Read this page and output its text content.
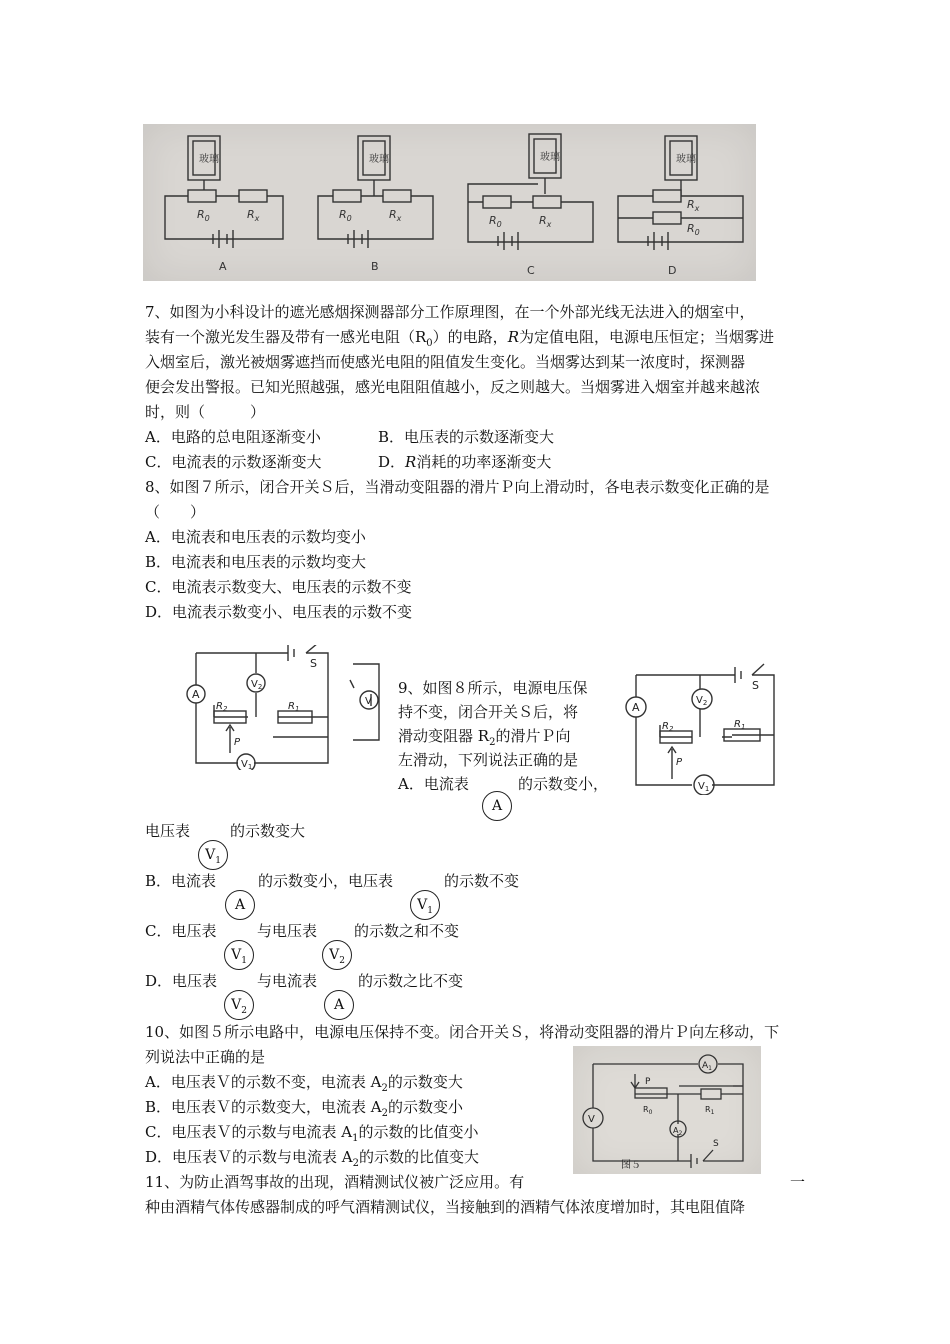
玻璃	玻璃	玻璃	玻璃
$R_0$	$R_x$	$R_0$	$R_x$	$R_0$	$R_x$
$R_x$
$R_0$
A	B	C	D
7、如图为小科设计的遮光感烟探测器部分工作原理图，在一个外部光线无法进入的烟室中，
装有一个激光发生器及带有一感光电阻$(R_0)$的电路，R为定值电阻，电源电压恒定；当烟雾进
入烟室后，激光被烟雾遮挡而使感光电阻的阻值发生变化。当烟雾达到某一浓度时，探测器
便会发出警报。已知光照越强，感光电阻阻值越小，反之则越大。当烟雾进入烟室并越来越浓
时，则（　　　）
A．电路的总电阻逐渐变小	B．电压表的示数逐渐变大
C．电流表的示数逐渐变大	D．R消耗的功率逐渐变大
8、如图７所示，闭合开关Ｓ后，当滑动变阻器的滑片Ｐ向上滑动时，各电表示数变化正确的是
（　　）
A．电流表和电压表的示数均变小
B．电流表和电压表的示数均变大
C．电流表示数变大、电压表的示数不变
D．电流表示数变小、电压表的示数不变
A
$V_2$
$V_1$
$R_2$	$R_1$
P
S
V
9、如图８所示，电源电压保
持不变，闭合开关Ｓ后，将
滑动变阻器 $R_2$的滑片Ｐ向
左滑动，下列说法正确的是
A．电流表	的示数变小，
A
电压表	的示数变大
$V_1$
B．电流表	的示数变小，电压表	的示数不变
A	$V_1$
C．电压表	与电压表 的示数之和不变
$V_1$	$V_2$
D．电压表	与电流表	的示数之比不变
$V_2$	A
A
$V_2$
$V_1$
$R_2$	$R_1$
P
S
10、如图５所示电路中，电源电压保持不变。闭合开关Ｓ，将滑动变阻器的滑片Ｐ向左移动，下
列说法中正确的是
A．电压表Ｖ的示数不变，电流表 $A_2$的示数变大
B．电压表Ｖ的示数变大，电流表 $A_2$的示数变小
C．电压表Ｖ的示数与电流表 $A_1$的示数的比值变小
D．电压表Ｖ的示数与电流表 $A_2$的示数的比值变大
$A_1$
$A_2$
V
P
$R_0$	$R_1$
S
图５
11、为防止酒驾事故的出现，酒精测试仪被广泛应用。有	一
种由酒精气体传感器制成的呼气酒精测试仪，当接触到的酒精气体浓度增加时，其电阻值降
